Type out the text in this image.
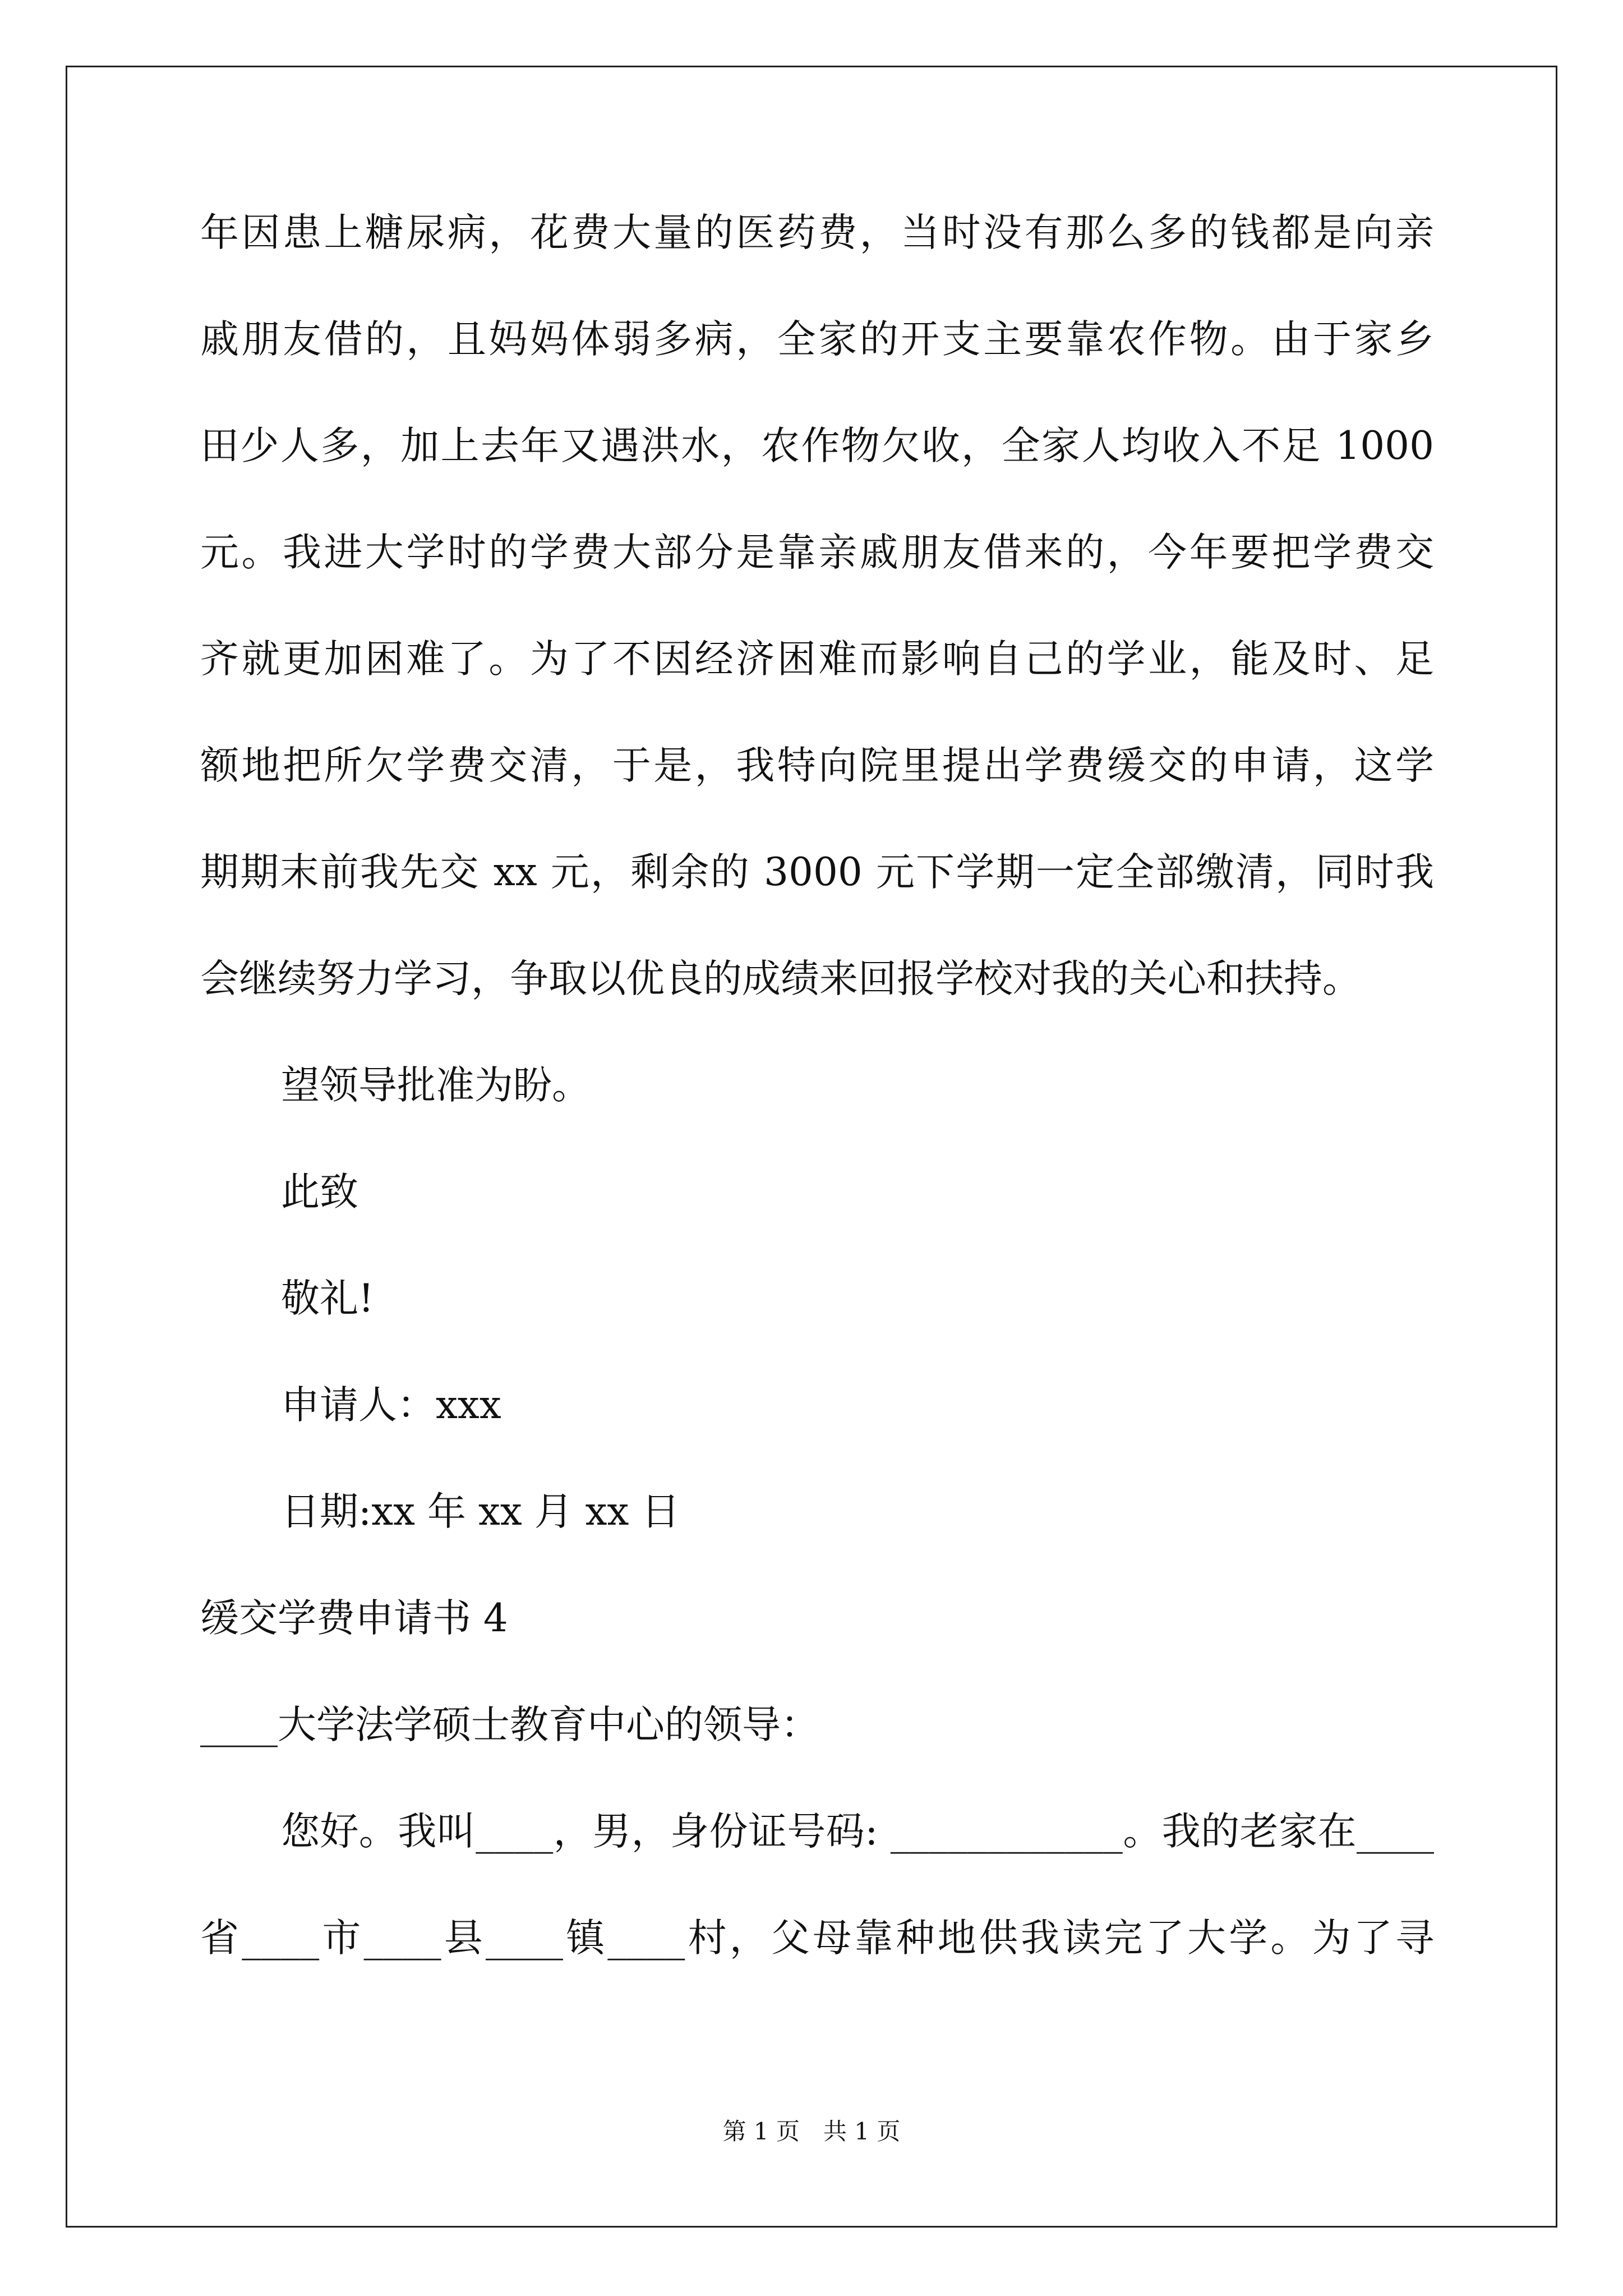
年因患上糖尿病，花费大量的医药费，当时没有那么多的钱都是向亲
戚朋友借的，且妈妈体弱多病，全家的开支主要靠农作物。由于家乡
田少人多，加上去年又遇洪水，农作物欠收，全家人均收入不足 1000
元。我进大学时的学费大部分是靠亲戚朋友借来的，今年要把学费交
齐就更加困难了。为了不因经济困难而影响自己的学业，能及时、足
额地把所欠学费交清，于是，我特向院里提出学费缓交的申请，这学
期期末前我先交 xx 元，剩余的 3000 元下学期一定全部缴清，同时我
会继续努力学习，争取以优良的成绩来回报学校对我的关心和扶持。
望领导批准为盼。
此致
敬礼!
申请人：xxx
日期:xx 年 xx 月 xx 日
缓交学费申请书 4
____大学法学硕士教育中心的领导：
您好。我叫____，男，身份证号码: ____________。我的老家在____
省____市____县____镇____村，父母靠种地供我读完了大学。为了寻
第 1 页　共 1 页
